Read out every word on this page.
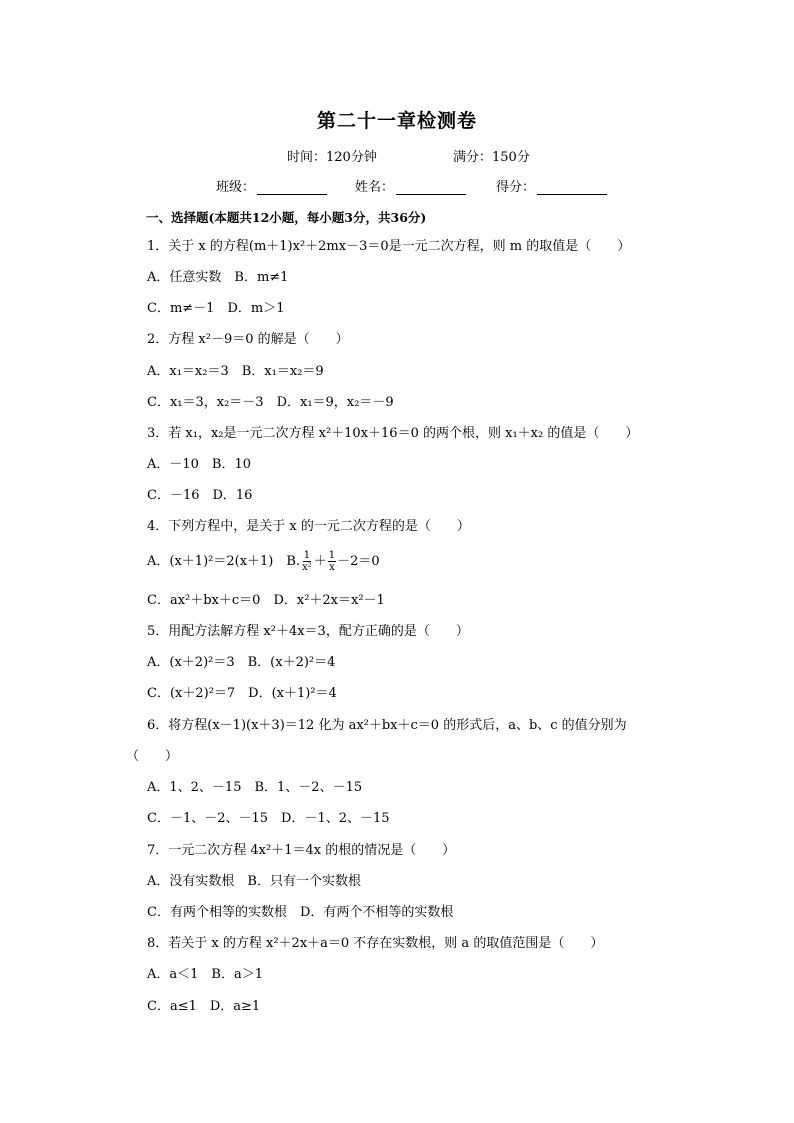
第二十一章检测卷
时间：120分钟	满分：150分
班级：	姓名：	得分：
一、选择题(本题共12小题，每小题3分，共36分)
1．关于 x 的方程(m＋1)x²＋2mx－3＝0是一元二次方程，则 m 的取值是（　　）
A．任意实数　B．m≠1
C．m≠－1　D．m＞1
2．方程 x²－9＝0 的解是（　　）
A．x₁＝x₂＝3　B．x₁＝x₂＝9
C．x₁＝3，x₂＝－3　D．x₁＝9，x₂＝－9
3．若 x₁，x₂是一元二次方程 x²＋10x＋16＝0 的两个根，则 x₁＋x₂ 的值是（　　）
A．－10　B．10
C．－16　D．16
4．下列方程中，是关于 x 的一元二次方程的是（　　）
A．(x＋1)²＝2(x＋1)　B. $\frac{1}{\text{x²}} + \frac{1}{x} -2=0$
C．ax²＋bx＋c＝0　D．x²＋2x＝x²－1
5．用配方法解方程 x²＋4x＝3，配方正确的是（　　）
A．(x＋2)²＝3　B．(x＋2)²＝4
C．(x＋2)²＝7　D．(x＋1)²＝4
6．将方程(x－1)(x＋3)＝12 化为 ax²＋bx＋c＝0 的形式后，a、b、c 的值分别为
（　　）
A．1、2、－15　B．1、－2、－15
C．－1、－2、－15　D．－1、2、－15
7．一元二次方程 4x²＋1＝4x 的根的情况是（　　）
A．没有实数根　B．只有一个实数根
C．有两个相等的实数根　D．有两个不相等的实数根
8．若关于 x 的方程 x²＋2x＋a＝0 不存在实数根，则 a 的取值范围是（　　）
A．a＜1　B．a＞1
C．a≤1　D．a≥1
